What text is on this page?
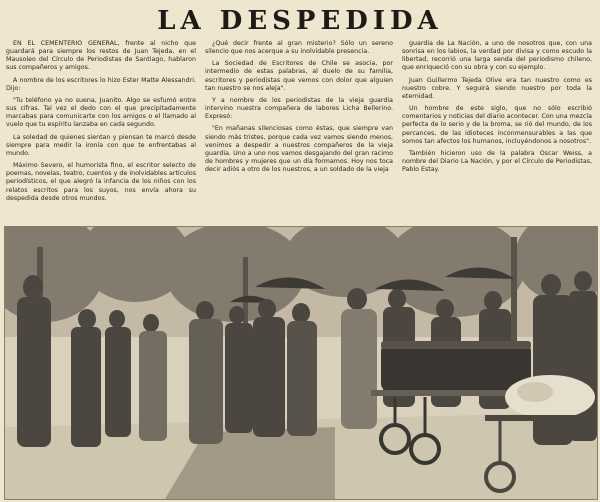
LA DESPEDIDA

EN EL CEMENTERIO GENERAL, frente al nicho que guardará para siempre los restos de Juan Tejeda, en el Mausoleo del Círculo de Periodistas de Santiago, hablaron sus compañeros y amigos.

A nombre de los escritores lo hizo Ester Matte Alessandri. Dijo:

"Tu teléfono ya no suena, Juanito. Algo se esfumó entre sus cifras. Tal vez el dedo con el que precipitadamente marcabas para comunicarte con los amigos o el llamado al vuelo que tu espíritu lanzaba en cada segundo.

La soledad de quienes sientan y piensan te marcó desde siempre para medir la ironía con que te enfrentabas al mundo.

Máximo Severo, el humorista fino, el escritor selecto de poemas, novelas, teatro, cuentos y de inolvidables artículos periodísticos, el que alegró la infancia de los niños con los relatos escritos para los suyos, nos envía ahora su despedida desde otros mundos.

¿Qué decir frente al gran misterio? Sólo un sereno silencio que nos acerque a su inolvidable presencia.

La Sociedad de Escritores de Chile se asocia, por intermedio de estas palabras, al duelo de su familia, escritores y periodistas que vemos con dolor que alguien tan nuestro se nos aleja".

Y a nombre de los periodistas de la vieja guardia intervino nuestra compañera de labores Licha Bellerino. Expresó:

"En mañanas silenciosas como éstas, que siempre van siendo más tristes, porque cada vez vamos siendo menos, venimos a despedir a nuestros compañeros de la vieja guardia. Uno a uno nos vamos desgajando del gran racimo de hombres y mujeres que un día formamos. Hoy nos toca decir adiós a otro de los nuestros, a un soldado de la vieja

guardia de La Nación, a uno de nosotros que, con una sonrisa en los labios, la verdad por divisa y como escudo la libertad, recorrió una larga senda del periodismo chileno, que enriqueció con su obra y con su ejemplo.

Juan Guillermo Tejeda Olive era tan nuestro como es nuestro cobre. Y seguirá siendo nuestro por toda la eternidad.

Un hombre de este siglo, que no sólo escribió comentarios y noticias del diario acontecer. Con una mezcla perfecta de lo serio y de la broma, se rió del mundo, de los percances, de las idioteces inconmensurables a las que somos tan afectos los humanos, incluyéndonos a nosotros".

También hicieron uso de la palabra Oscar Weiss, a nombre del Diario La Nación, y por el Círculo de Periodistas, Pablo Estay.
